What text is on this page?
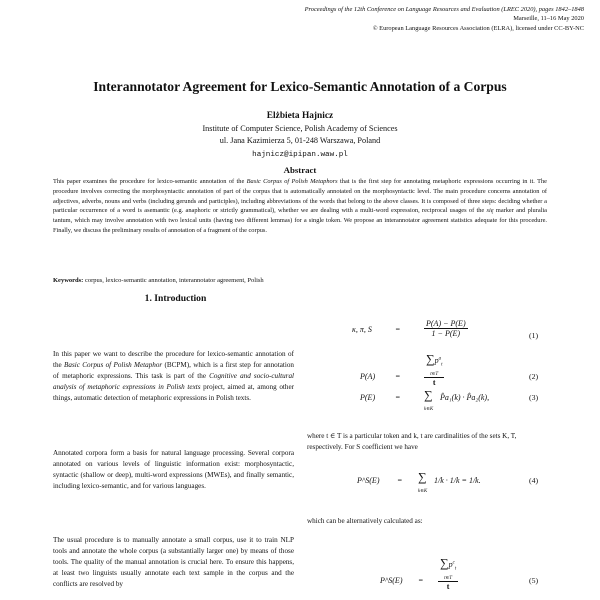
Proceedings of the 12th Conference on Language Resources and Evaluation (LREC 2020), pages 1842–1848
Marseille, 11–16 May 2020
© European Language Resources Association (ELRA), licensed under CC-BY-NC
Interannotator Agreement for Lexico-Semantic Annotation of a Corpus
Elżbieta Hajnicz
Institute of Computer Science, Polish Academy of Sciences
ul. Jana Kazimierza 5, 01-248 Warszawa, Poland
hajnicz@ipipan.waw.pl
Abstract
This paper examines the procedure for lexico-semantic annotation of the Basic Corpus of Polish Metaphors that is the first step for annotating metaphoric expressions occurring in it. The procedure involves correcting the morphosyntactic annotation of part of the corpus that is automatically annotated on the morphosyntactic level. The main procedure concerns annotation of adjectives, adverbs, nouns and verbs (including gerunds and participles), including abbreviations of the words that belong to the above classes. It is composed of three steps: deciding whether a particular occurrence of a word is asemantic (e.g. anaphoric or strictly grammatical), whether we are dealing with a multi-word expression, reciprocal usages of the się marker and pluralia tantum, which may involve annotation with two lexical units (having two different lemmas) for a single token. We propose an interannotator agreement statistics adequate for this procedure. Finally, we discuss the preliminary results of annotation of a fragment of the corpus.
Keywords: corpus, lexico-semantic annotation, interannotator agreement, Polish
1. Introduction
In this paper we want to describe the procedure for lexico-semantic annotation of the Basic Corpus of Polish Metaphor (BCPM), which is a first step for annotation of metaphoric expressions. This task is part of the Cognitive and socio-cultural analysis of metaphoric expressions in Polish texts project, aimed at, among other things, automatic detection of metaphoric expressions in Polish texts.
Annotated corpora form a basis for natural language processing. Several corpora annotated on various levels of linguistic information exist: morphosyntactic, syntactic (shallow or deep), multi-word expressions (MWEs), and finally semantic, including lexico-semantic, and for various languages.
The usual procedure is to manually annotate a small corpus, use it to train NLP tools and annotate the whole corpus (a substantially larger one) by means of those tools. The quality of the manual annotation is crucial here. To ensure this happens, at least two linguists usually annotate each text sample in the corpus and the conflicts are resolved by
κ, π, S	=	$\frac{P(A) - P(E)}{1 - P(E)}$	(1)
P(A) =
$\sum p^a_t$
t∈T
t
(2)
P(E) = ∑
k∈K
P̂a₁(k) · P̂a₂(k),	(3)
where t ∈ T is a particular token and k, t are cardinalities of the sets K, T, respectively. For S coefficient we have
P^S(E) = ∑
k∈K
1/k · 1/k = 1/k.	(4)
which can be alternatively calculated as:
P^S(E) =
$\sum p^c_t$
t∈T
t
(5)
